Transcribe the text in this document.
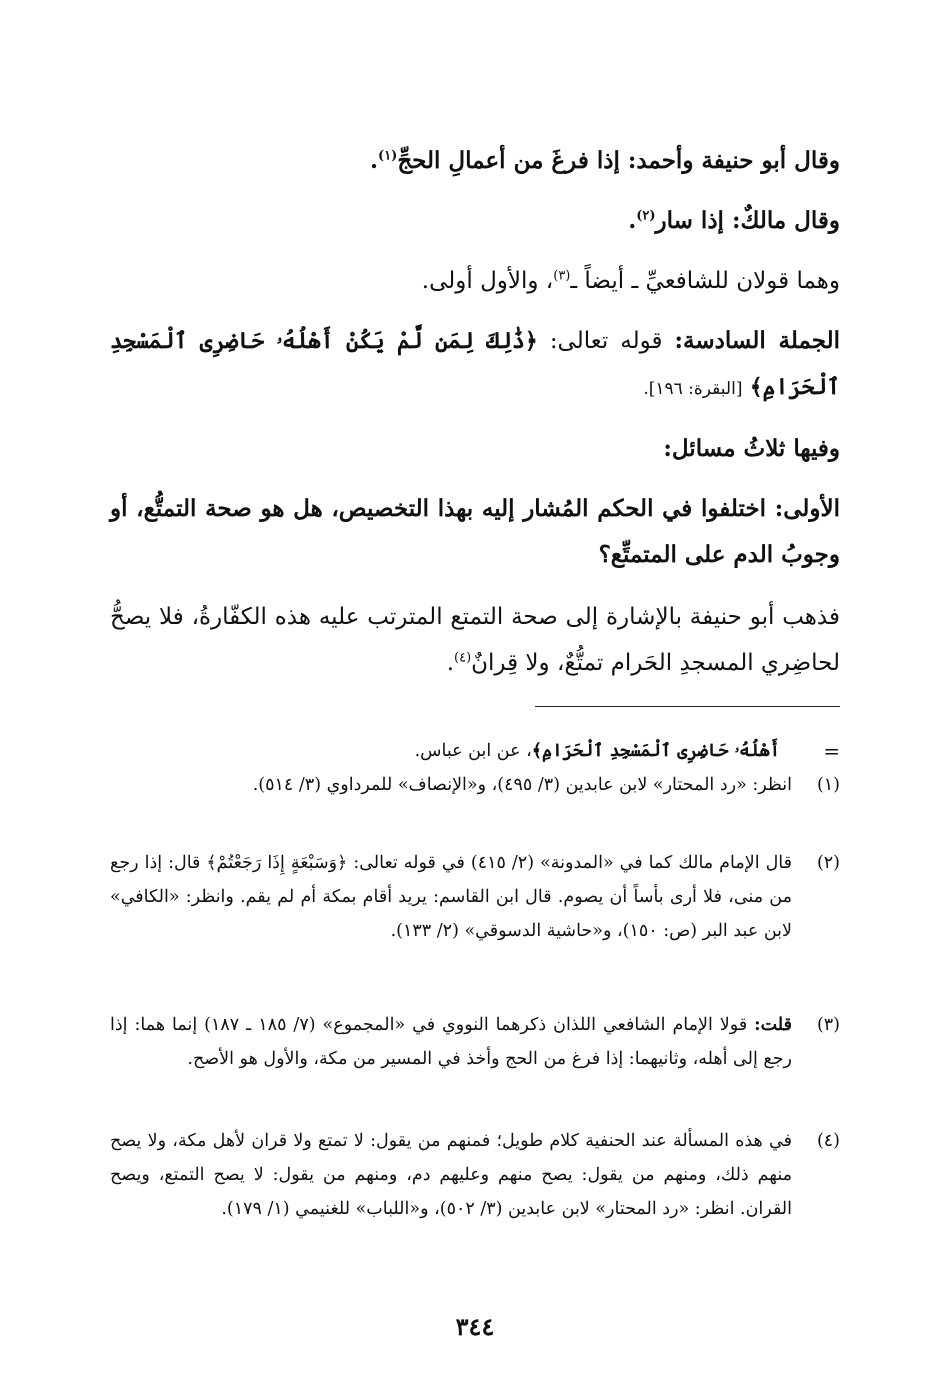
وقال أبو حنيفة وأحمد: إذا فرغَ من أعمالِ الحجِّ$^{(١)}$.
وقال مالكٌ: إذا سار$^{(٢)}$.
وهما قولان للشافعيِّ ـ أيضاً ـ$^{(٣)}$، والأول أولى.
الجملة السادسة: قوله تعالى: ﴿ذَٰلِكَ لِمَن لَّمْ يَكُنْ أَهْلُهُۥ حَاضِرِى ٱلْمَسْجِدِ ٱلْحَرَامِ﴾ [البقرة: ١٩٦].
وفيها ثلاثُ مسائل:
الأولى: اختلفوا في الحكم المُشار إليه بهذا التخصيص، هل هو صحة التمتُّع، أو وجوبُ الدم على المتمتِّع؟
فذهب أبو حنيفة بالإشارة إلى صحة التمتع المترتب عليه هذه الكفّارةُ، فلا يصحُّ لحاضِري المسجدِ الحَرام تمتُّعٌ، ولا قِرانٌ$^{(٤)}$.
=
أَهْلُهُۥ حَاضِرِى ٱلْمَسْجِدِ ٱلْحَرَامِ﴾، عن ابن عباس.
(١)
انظر: «رد المحتار» لابن عابدين (٣/ ٤٩٥)، و«الإنصاف» للمرداوي (٣/ ٥١٤).
(٢)
قال الإمام مالك كما في «المدونة» (٢/ ٤١٥) في قوله تعالى: ﴿وَسَبْعَةٍ إِذَا رَجَعْتُمْ﴾ قال: إذا رجع من منى، فلا أرى بأساً أن يصوم. قال ابن القاسم: يريد أقام بمكة أم لم يقم. وانظر: «الكافي» لابن عبد البر (ص: ١٥٠)، و«حاشية الدسوقي» (٢/ ١٣٣).
(٣)
قلت: قولا الإمام الشافعي اللذان ذكرهما النووي في «المجموع» (٧/ ١٨٥ ـ ١٨٧) إنما هما: إذا رجع إلى أهله، وثانيهما: إذا فرغ من الحج وأخذ في المسير من مكة، والأول هو الأصح.
(٤)
في هذه المسألة عند الحنفية كلام طويل؛ فمنهم من يقول: لا تمتع ولا قران لأهل مكة، ولا يصح منهم ذلك، ومنهم من يقول: يصح منهم وعليهم دم، ومنهم من يقول: لا يصح التمتع، ويصح القران. انظر: «رد المحتار» لابن عابدين (٣/ ٥٠٢)، و«اللباب» للغنيمي (١/ ١٧٩).
٣٤٤
